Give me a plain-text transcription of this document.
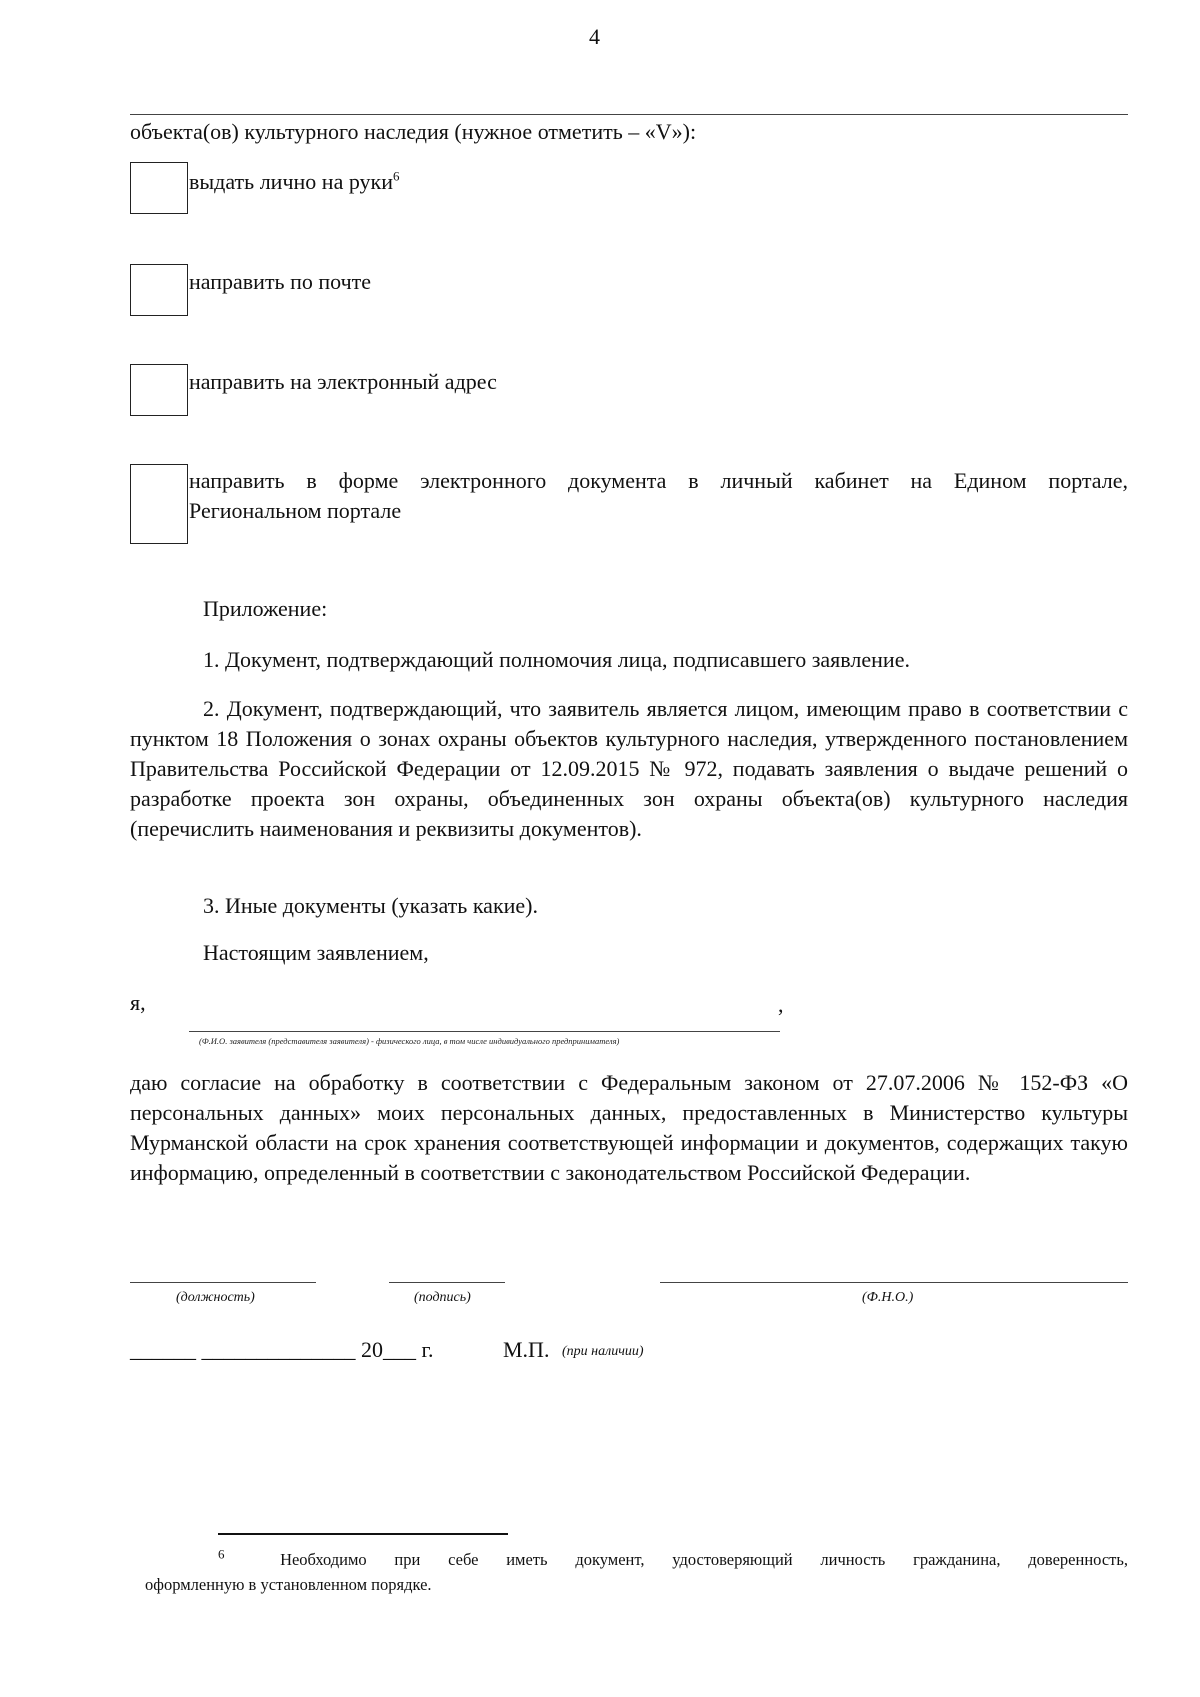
4
объекта(ов) культурного наследия (нужное отметить – «V»):
выдать лично на руки$^6$
направить по почте
направить на электронный адрес
направить в форме электронного документа в личный кабинет на Едином портале,
Региональном портале
Приложение:
1. Документ, подтверждающий полномочия лица, подписавшего заявление.
2. Документ, подтверждающий, что заявитель является лицом, имеющим право в соответствии с пунктом 18 Положения о зонах охраны объектов культурного наследия, утвержденного постановлением Правительства Российской Федерации от 12.09.2015 № 972, подавать заявления о выдаче решений о разработке проекта зон охраны, объединенных зон охраны объекта(ов) культурного наследия (перечислить наименования и реквизиты документов).
3. Иные документы (указать какие).
Настоящим заявлением,
я,	,
(Ф.И.О. заявителя (представителя заявителя) - физического лица, в том числе индивидуального предпринимателя)
даю согласие на обработку в соответствии с Федеральным законом от 27.07.2006 № 152-ФЗ «О персональных данных» моих персональных данных, предоставленных в Министерство культуры Мурманской области на срок хранения соответствующей информации и документов, содержащих такую информацию, определенный в соответствии с законодательством Российской Федерации.
(должность)	(подпись)	(Ф.Н.О.)
______ ______________ 20___ г.	М.П. (при наличии)
$^6$	Необходимо при себе иметь документ, удостоверяющий личность гражданина, доверенность,
оформленную в установленном порядке.
